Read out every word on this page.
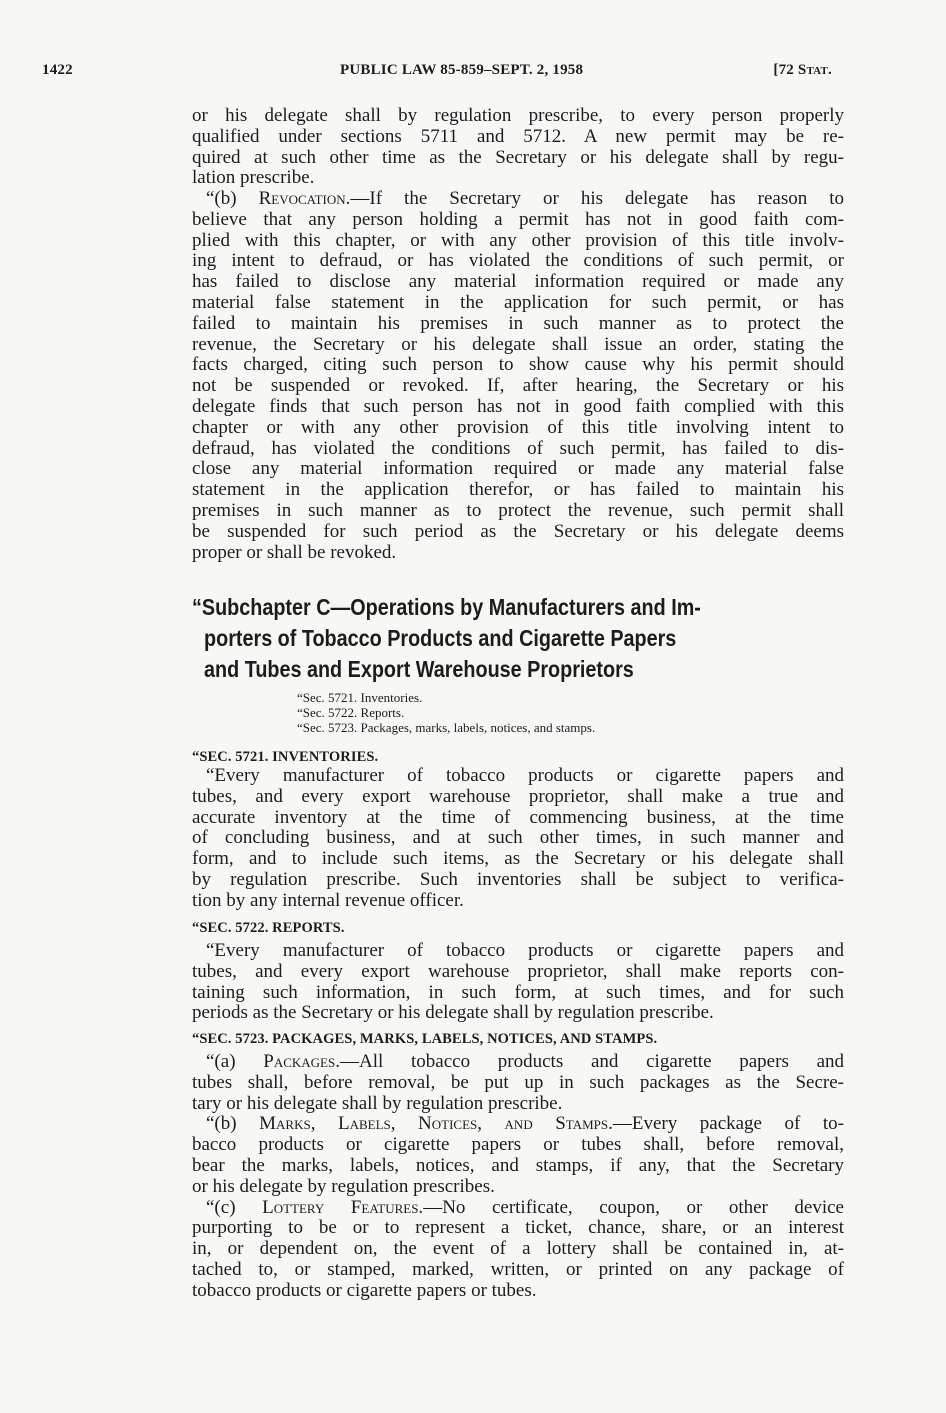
1422	PUBLIC LAW 85-859–SEPT. 2, 1958	[72 Stat.
or his delegate shall by regulation prescribe, to every person properly
qualified under sections 5711 and 5712. A new permit may be re-
quired at such other time as the Secretary or his delegate shall by regu-
lation prescribe.
“(b) Revocation.—If the Secretary or his delegate has reason to
believe that any person holding a permit has not in good faith com-
plied with this chapter, or with any other provision of this title involv-
ing intent to defraud, or has violated the conditions of such permit, or
has failed to disclose any material information required or made any
material false statement in the application for such permit, or has
failed to maintain his premises in such manner as to protect the
revenue, the Secretary or his delegate shall issue an order, stating the
facts charged, citing such person to show cause why his permit should
not be suspended or revoked. If, after hearing, the Secretary or his
delegate finds that such person has not in good faith complied with this
chapter or with any other provision of this title involving intent to
defraud, has violated the conditions of such permit, has failed to dis-
close any material information required or made any material false
statement in the application therefor, or has failed to maintain his
premises in such manner as to protect the revenue, such permit shall
be suspended for such period as the Secretary or his delegate deems
proper or shall be revoked.
“Subchapter C—Operations by Manufacturers and Im-
porters of Tobacco Products and Cigarette Papers
and Tubes and Export Warehouse Proprietors
“Sec. 5721. Inventories.
“Sec. 5722. Reports.
“Sec. 5723. Packages, marks, labels, notices, and stamps.
“SEC. 5721. INVENTORIES.
“Every manufacturer of tobacco products or cigarette papers and
tubes, and every export warehouse proprietor, shall make a true and
accurate inventory at the time of commencing business, at the time
of concluding business, and at such other times, in such manner and
form, and to include such items, as the Secretary or his delegate shall
by regulation prescribe. Such inventories shall be subject to verifica-
tion by any internal revenue officer.
“SEC. 5722. REPORTS.
“Every manufacturer of tobacco products or cigarette papers and
tubes, and every export warehouse proprietor, shall make reports con-
taining such information, in such form, at such times, and for such
periods as the Secretary or his delegate shall by regulation prescribe.
“SEC. 5723. PACKAGES, MARKS, LABELS, NOTICES, AND STAMPS.
“(a) Packages.—All tobacco products and cigarette papers and
tubes shall, before removal, be put up in such packages as the Secre-
tary or his delegate shall by regulation prescribe.
“(b) Marks, Labels, Notices, and Stamps.—Every package of to-
bacco products or cigarette papers or tubes shall, before removal,
bear the marks, labels, notices, and stamps, if any, that the Secretary
or his delegate by regulation prescribes.
“(c) Lottery Features.—No certificate, coupon, or other device
purporting to be or to represent a ticket, chance, share, or an interest
in, or dependent on, the event of a lottery shall be contained in, at-
tached to, or stamped, marked, written, or printed on any package of
tobacco products or cigarette papers or tubes.
